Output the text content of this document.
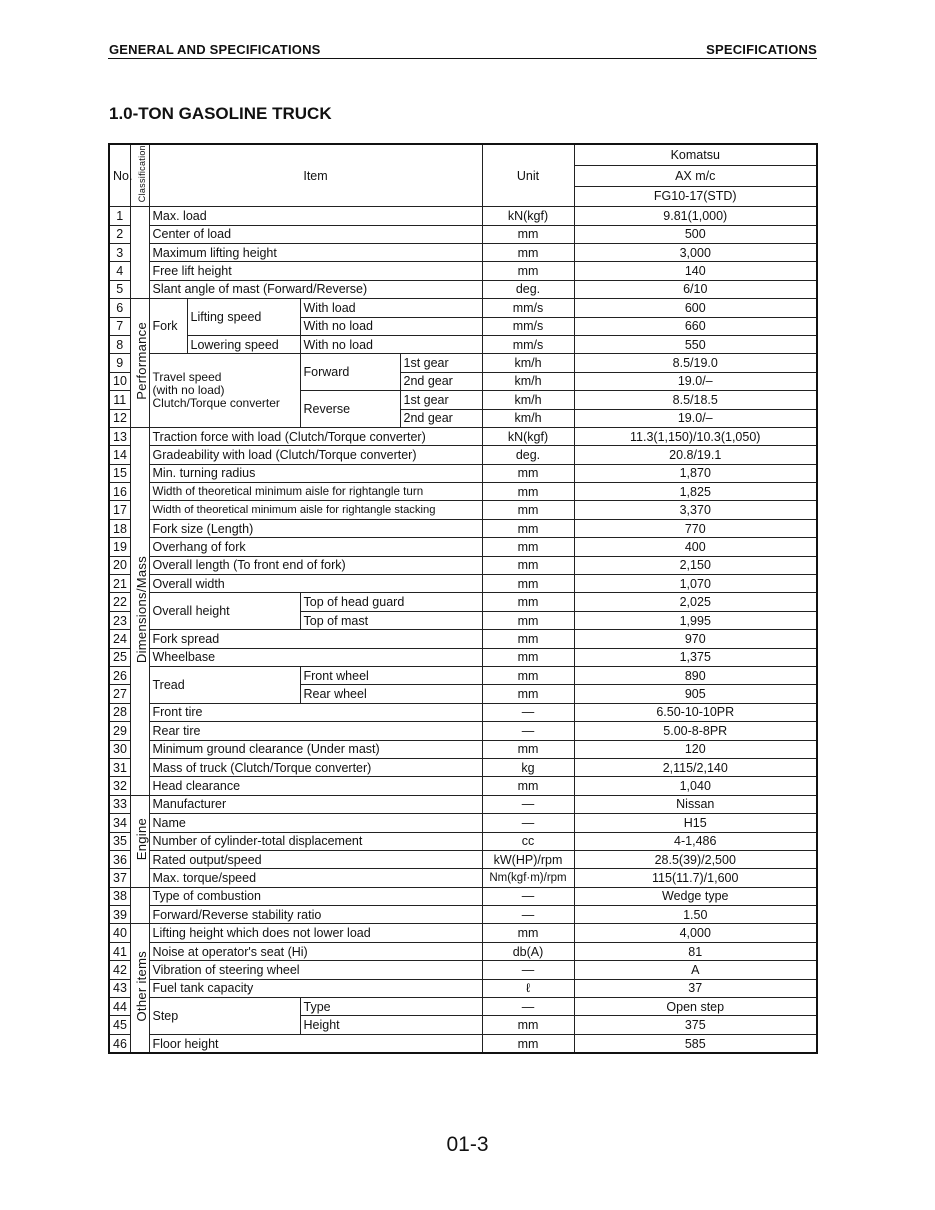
GENERAL AND SPECIFICATIONS	SPECIFICATIONS
1.0-TON GASOLINE TRUCK
No.	Classification	Item				Unit	Komatsu
							AX m/c
							FG10-17(STD)
1		Max. load				kN(kgf)	9.81(1,000)
2		Center of load				mm	500
3		Maximum lifting height				mm	3,000
4		Free lift height				mm	140
5		Slant angle of mast (Forward/Reverse)				deg.	6/10
6	Performance	Fork	Lifting speed	With load		mm/s	600
7				With no load		mm/s	660
8			Lowering speed	With no load		mm/s	550
9		Travel speed
(with no load)
Clutch/Torque converter		Forward	1st gear	km/h	8.5/19.0
10					2nd gear	km/h	19.0/–
11				Reverse	1st gear	km/h	8.5/18.5
12					2nd gear	km/h	19.0/–
13	Dimensions/Mass	Traction force with load (Clutch/Torque converter)				kN(kgf)	11.3(1,150)/10.3(1,050)
14		Gradeability with load (Clutch/Torque converter)				deg.	20.8/19.1
15		Min. turning radius				mm	1,870
16		Width of theoretical minimum aisle for rightangle turn				mm	1,825
17		Width of theoretical minimum aisle for rightangle stacking				mm	3,370
18		Fork size (Length)				mm	770
19		Overhang of fork				mm	400
20		Overall length (To front end of fork)				mm	2,150
21		Overall width				mm	1,070
22		Overall height		Top of head guard		mm	2,025
23				Top of mast		mm	1,995
24		Fork spread				mm	970
25		Wheelbase				mm	1,375
26		Tread		Front wheel		mm	890
27				Rear wheel		mm	905
28		Front tire				—	6.50-10-10PR
29		Rear tire				—	5.00-8-8PR
30		Minimum ground clearance (Under mast)				mm	120
31		Mass of truck (Clutch/Torque converter)				kg	2,115/2,140
32		Head clearance				mm	1,040
33	Engine	Manufacturer				—	Nissan
34		Name				—	H15
35		Number of cylinder-total displacement				cc	4-1,486
36		Rated output/speed				kW(HP)/rpm	28.5(39)/2,500
37		Max. torque/speed				Nm(kgf·m)/rpm	115(11.7)/1,600
38		Type of combustion				—	Wedge type
39		Forward/Reverse stability ratio				—	1.50
40	Other items	Lifting height which does not lower load				mm	4,000
41		Noise at operator's seat (Hi)				db(A)	81
42		Vibration of steering wheel				—	A
43		Fuel tank capacity				ℓ	37
44		Step		Type		—	Open step
45				Height		mm	375
46		Floor height				mm	585
01-3
